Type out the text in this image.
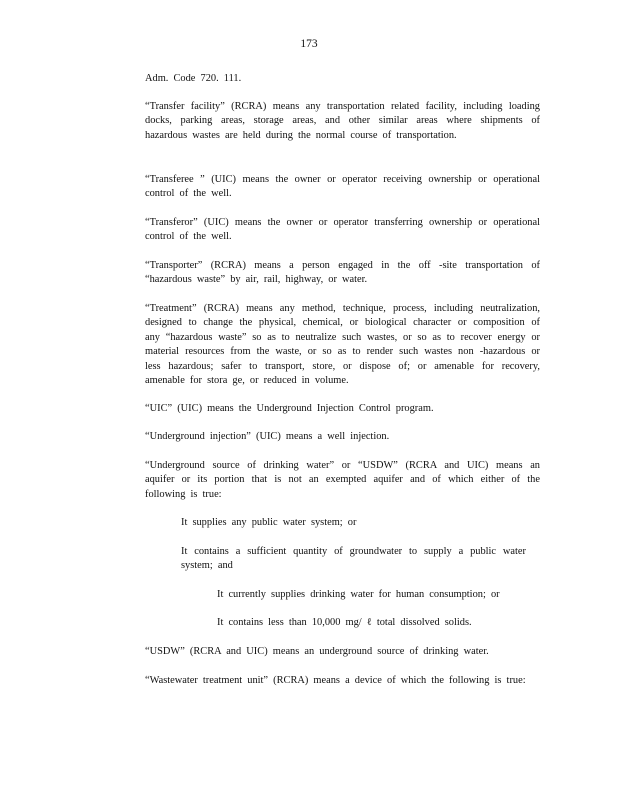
173

Adm. Code 720. 111.

“Transfer facility” (RCRA) means any transportation related facility, including loading docks, parking areas, storage areas, and other similar areas where shipments of hazardous wastes are held during the normal course of transportation.

“Transferee ” (UIC) means the owner or operator receiving ownership or operational control of the well.

“Transferor” (UIC) means the owner or operator transferring ownership or operational control of the well.

“Transporter” (RCRA) means a person engaged in the off -site transportation of “hazardous waste” by air, rail, highway, or water.

“Treatment” (RCRA) means any method, technique, process, including neutralization, designed to change the physical, chemical, or biological character or composition of any “hazardous waste” so as to neutralize such wastes, or so as to recover energy or material resources from the waste, or so as to render such wastes non -hazardous or less hazardous; safer to transport, store, or dispose of; or amenable for recovery, amenable for stora ge, or reduced in volume.

“UIC” (UIC) means the Underground Injection Control program.

“Underground injection” (UIC) means a well injection.

“Underground source of drinking water” or “USDW” (RCRA and UIC) means an aquifer or its portion that is not an exempted aquifer and of which either of the following is true:

It supplies any public water system; or

It contains a sufficient quantity of groundwater to supply a public water system; and

It currently supplies drinking water for human consumption; or

It contains less than 10,000 mg/ ℓ total dissolved solids.

“USDW” (RCRA and UIC) means an underground source of drinking water.

“Wastewater treatment unit” (RCRA) means a device of which the following is true:
